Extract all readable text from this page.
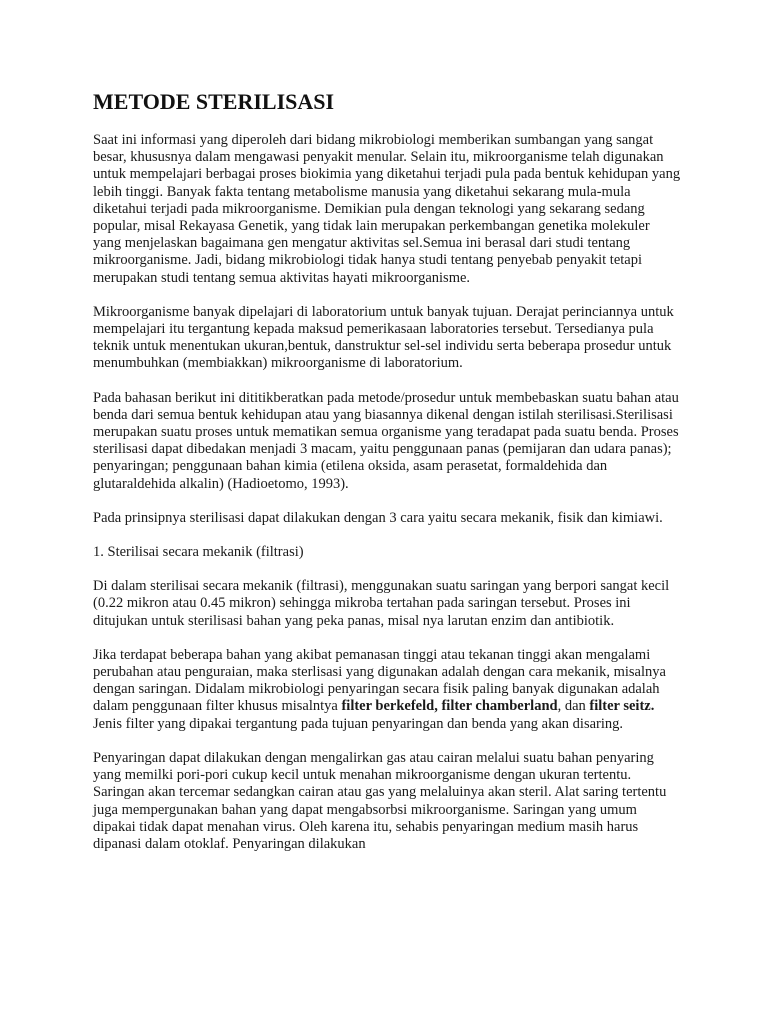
METODE STERILISASI

Saat ini informasi yang diperoleh dari bidang mikrobiologi memberikan sumbangan yang sangat besar, khususnya dalam mengawasi penyakit menular. Selain itu, mikroorganisme telah digunakan untuk mempelajari berbagai proses biokimia yang diketahui terjadi pula pada bentuk kehidupan yang lebih tinggi. Banyak fakta tentang metabolisme manusia yang diketahui sekarang mula-mula diketahui terjadi pada mikroorganisme. Demikian pula dengan teknologi yang sekarang sedang popular, misal Rekayasa Genetik, yang tidak lain merupakan perkembangan genetika molekuler yang menjelaskan bagaimana gen mengatur aktivitas sel.Semua ini berasal dari studi tentang mikroorganisme. Jadi, bidang mikrobiologi tidak hanya studi tentang penyebab penyakit tetapi merupakan studi tentang semua aktivitas hayati mikroorganisme.

Mikroorganisme banyak dipelajari di laboratorium untuk banyak tujuan. Derajat perinciannya untuk mempelajari itu tergantung kepada maksud pemerikasaan laboratories tersebut. Tersedianya pula teknik untuk menentukan ukuran,bentuk, danstruktur sel-sel individu serta beberapa prosedur untuk menumbuhkan (membiakkan) mikroorganisme di laboratorium.

Pada bahasan berikut ini dititikberatkan pada metode/prosedur untuk membebaskan suatu bahan atau benda dari semua bentuk kehidupan atau yang biasannya dikenal dengan istilah sterilisasi.Sterilisasi merupakan suatu proses untuk mematikan semua organisme yang teradapat pada suatu benda. Proses sterilisasi dapat dibedakan menjadi 3 macam, yaitu penggunaan panas (pemijaran dan udara panas); penyaringan; penggunaan bahan kimia (etilena oksida, asam perasetat, formaldehida dan glutaraldehida alkalin) (Hadioetomo, 1993).

Pada prinsipnya sterilisasi dapat dilakukan dengan 3 cara yaitu secara mekanik, fisik dan kimiawi.

1. Sterilisai secara mekanik (filtrasi)

Di dalam sterilisai secara mekanik (filtrasi), menggunakan suatu saringan yang berpori sangat kecil (0.22 mikron atau 0.45 mikron) sehingga mikroba tertahan pada saringan tersebut. Proses ini ditujukan untuk sterilisasi bahan yang peka panas, misal nya larutan enzim dan antibiotik.

Jika terdapat beberapa bahan yang akibat pemanasan tinggi atau tekanan tinggi akan mengalami perubahan atau penguraian, maka sterlisasi yang digunakan adalah dengan cara mekanik, misalnya dengan saringan. Didalam mikrobiologi penyaringan secara fisik paling banyak digunakan adalah dalam penggunaan filter khusus misalntya filter berkefeld, filter chamberland, dan filter seitz. Jenis filter yang dipakai tergantung pada tujuan penyaringan dan benda yang akan disaring.

Penyaringan dapat dilakukan dengan mengalirkan gas atau cairan melalui suatu bahan penyaring yang memilki pori-pori cukup kecil untuk menahan mikroorganisme dengan ukuran tertentu. Saringan akan tercemar sedangkan cairan atau gas yang melaluinya akan steril. Alat saring tertentu juga mempergunakan bahan yang dapat mengabsorbsi mikroorganisme. Saringan yang umum dipakai tidak dapat menahan virus. Oleh karena itu, sehabis penyaringan medium masih harus dipanasi dalam otoklaf. Penyaringan dilakukan
